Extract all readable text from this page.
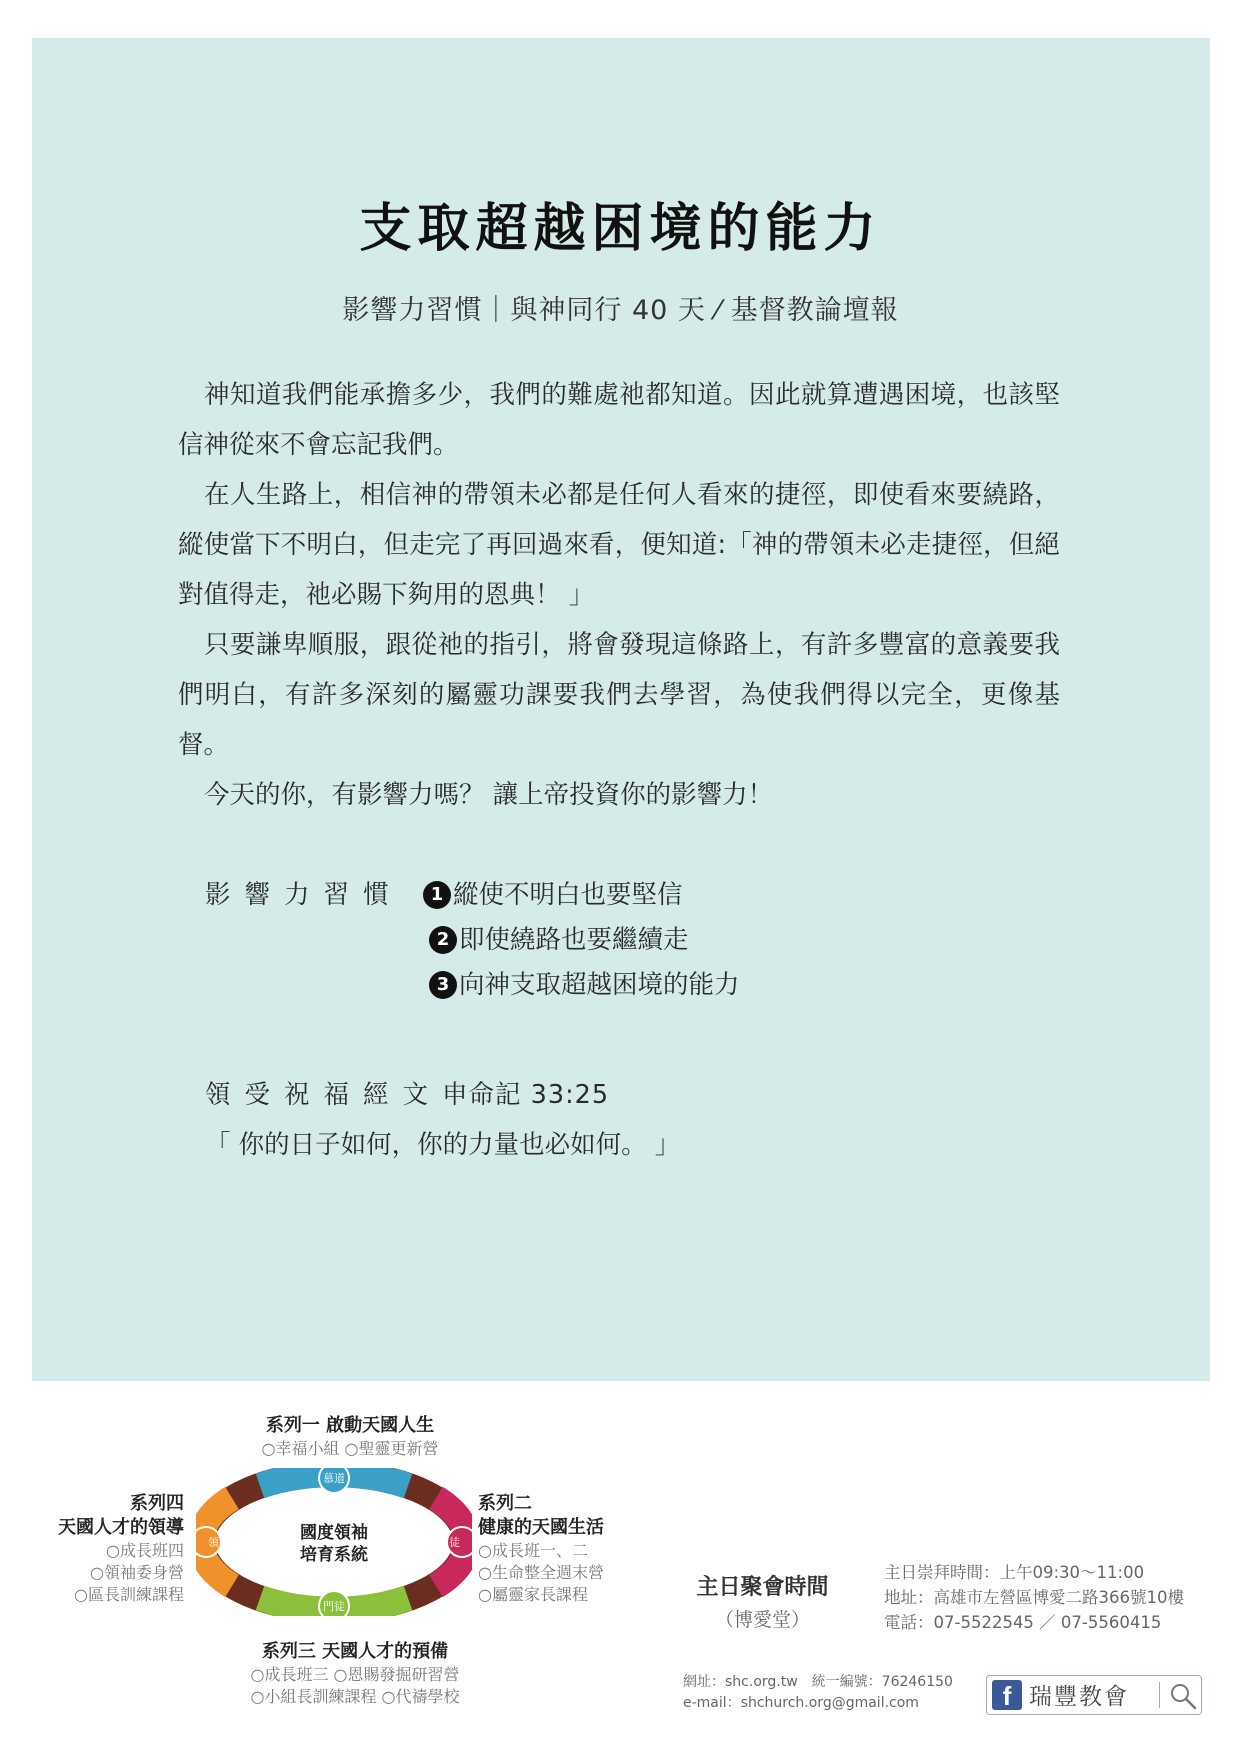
支取超越困境的能力
影響力習慣｜與神同行 40 天 ⁄ 基督教論壇報

神知道我們能承擔多少，我們的難處祂都知道。因此就算遭遇困境，也該堅信神從來不會忘記我們。

在人生路上，相信神的帶領未必都是任何人看來的捷徑，即使看來要繞路，縱使當下不明白，但走完了再回過來看，便知道:「神的帶領未必走捷徑，但絕對值得走，祂必賜下夠用的恩典！ 」

只要謙卑順服，跟從祂的指引，將會發現這條路上，有許多豐富的意義要我們明白，有許多深刻的屬靈功課要我們去學習，為使我們得以完全，更像基督。

今天的你，有影響力嗎？ 讓上帝投資你的影響力！

影響力習慣	1 縱使不明白也要堅信
2 即使繞路也要繼續走
3 向神支取超越困境的能力
領受祝福經文申命記 33:25
「 你的日子如何，你的力量也必如何。 」
系列一 啟動天國人生
○幸福小組 ○聖靈更新營
系列二
健康的天國生活
○成長班一、二
○生命整全週末營
○屬靈家長課程
系列三 天國人才的預備
○成長班三 ○恩賜發掘研習營
○小組長訓練課程 ○代禱學校
系列四
天國人才的領導
○成長班四
○領袖委身營
○區長訓練課程
慕道
信徒
門徒
領袖	國度領袖
培育系統
主日聚會時間
（博愛堂）
主日崇拜時間：上午09:30～11:00
地址：高雄市左營區博愛二路366號10樓
電話：07-5522545 ／ 07-5560415
網址：shc.org.tw　統一編號：76246150
e-mail：shchurch.org@gmail.com	f 瑞豐教會
